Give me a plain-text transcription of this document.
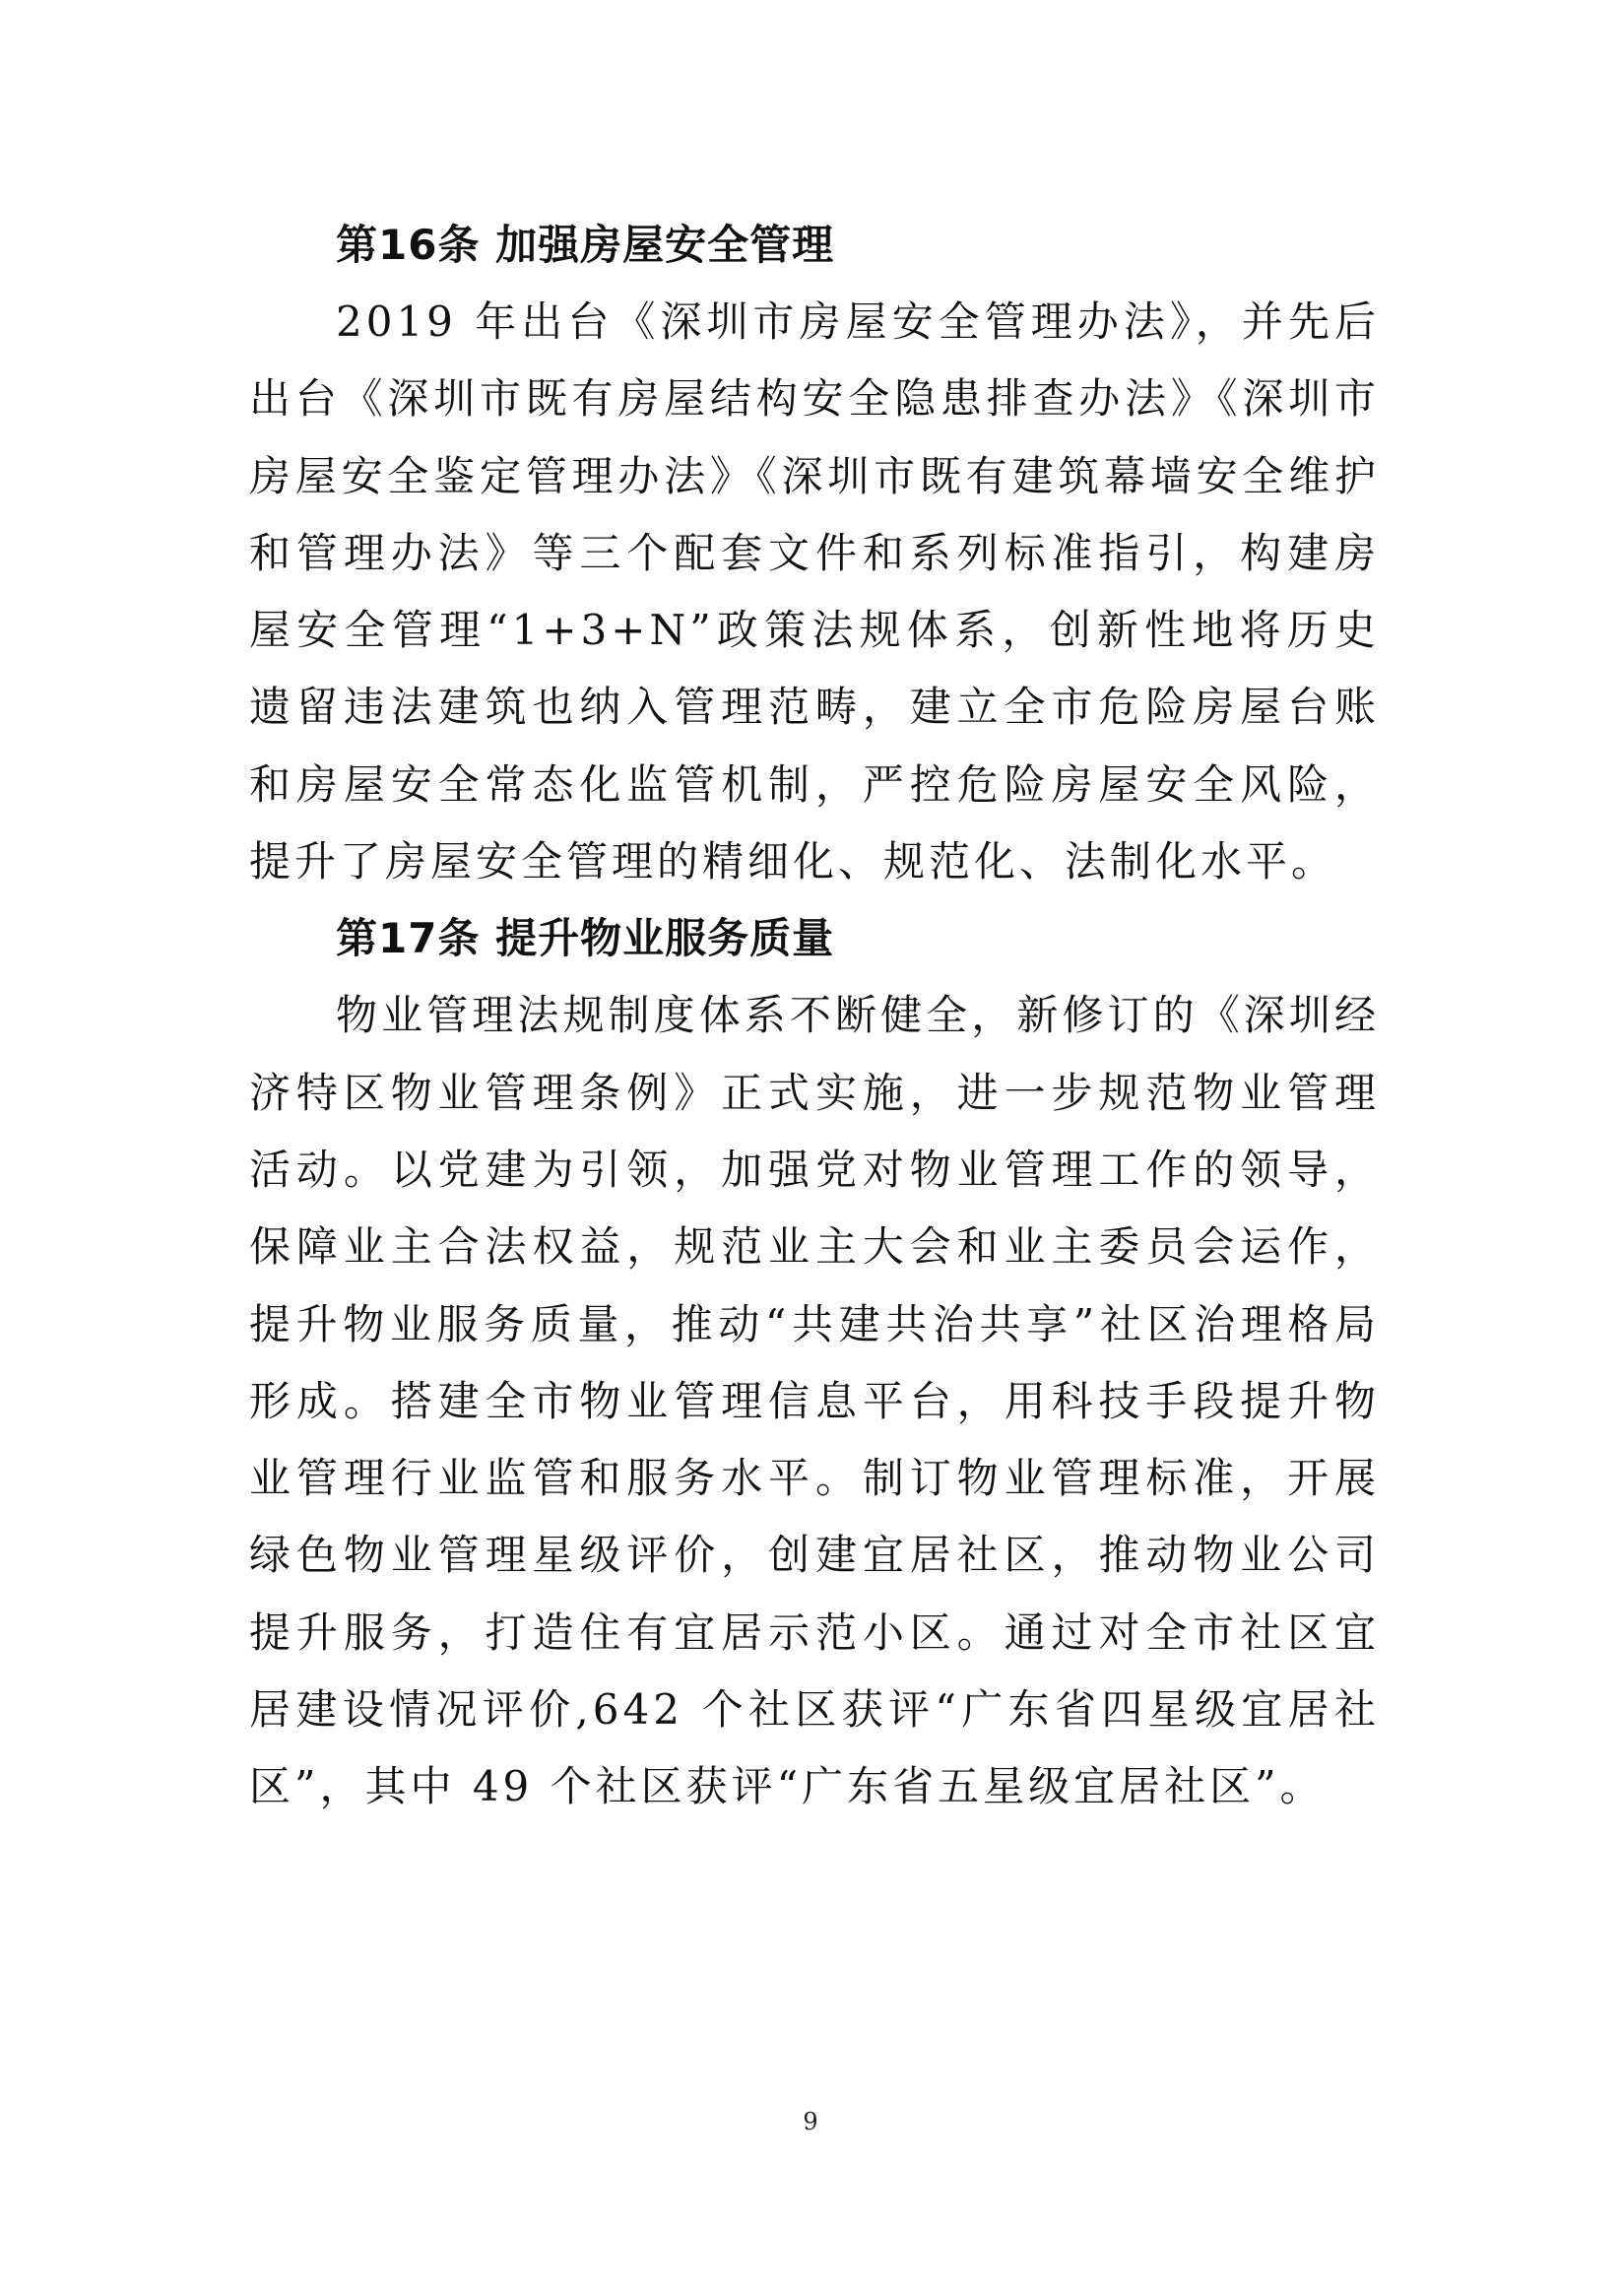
第16条 加强房屋安全管理

2019 年出台《深圳市房屋安全管理办法》，并先后出台《深圳市既有房屋结构安全隐患排查办法》《深圳市房屋安全鉴定管理办法》《深圳市既有建筑幕墙安全维护和管理办法》等三个配套文件和系列标准指引，构建房屋安全管理“1+3+N”政策法规体系，创新性地将历史遗留违法建筑也纳入管理范畴，建立全市危险房屋台账和房屋安全常态化监管机制，严控危险房屋安全风险，提升了房屋安全管理的精细化、规范化、法制化水平。

第17条 提升物业服务质量

物业管理法规制度体系不断健全，新修订的《深圳经济特区物业管理条例》正式实施，进一步规范物业管理活动。以党建为引领，加强党对物业管理工作的领导，保障业主合法权益，规范业主大会和业主委员会运作，提升物业服务质量，推动“共建共治共享”社区治理格局形成。搭建全市物业管理信息平台，用科技手段提升物业管理行业监管和服务水平。制订物业管理标准，开展绿色物业管理星级评价，创建宜居社区，推动物业公司提升服务，打造住有宜居示范小区。通过对全市社区宜居建设情况评价,642 个社区获评“广东省四星级宜居社区”，其中 49 个社区获评“广东省五星级宜居社区”。

9
